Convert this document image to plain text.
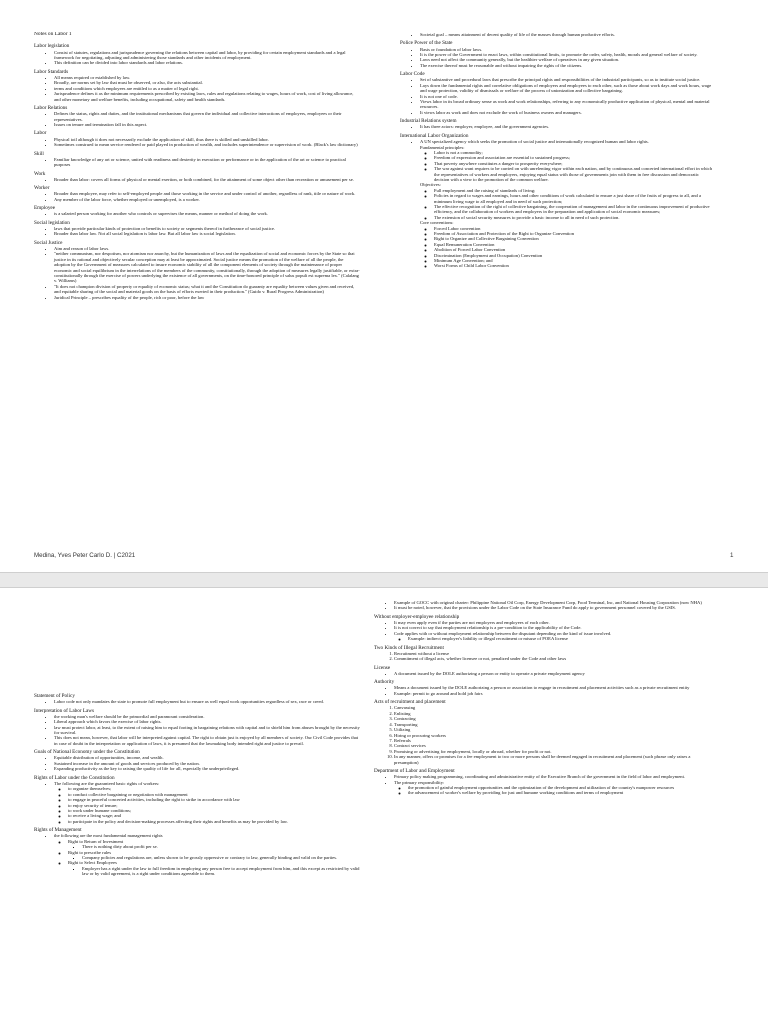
Notes on Labor 1
Labor legislation
• Consist of statutes, regulations and jurisprudence governing the relations between capital and labor, by providing for certain employment standards and a legal framework for negotiating, adjusting and administering those standards and other incidents of employment.
• This definition can be divided into labor standards and labor relations.
Labor Standards
• All means required or established by law.
• Broadly, are norms set by law that must be observed, or also, the acts substantial.
• terms and conditions which employees are entitled to as a matter of legal right.
• Jurisprudence defines it as the minimum requirements prescribed by existing laws, rules and regulations relating to wages, hours of work, cost of living allowance, and other monetary and welfare benefits, including occupational, safety and health standards.
Labor Relations
• Defines the status, rights and duties, and the institutional mechanisms that govern the individual and collective interactions of employers, employees or their representatives.
• Issues on tenure and termination fall in this aspect.
Labor
• Physical toil although it does not necessarily exclude the application of skill, thus there is skilled and unskilled labor.
• Sometimes construed to mean service rendered or paid played in production of wealth, and includes superintendence or supervision of work. (Black's law dictionary)
Skill
• Familiar knowledge of any art or science, united with readiness and dexterity in execution or performance or in the application of the art or science to practical purposes
Work
• Broader than labor: covers all forms of physical or mental exertion, or both combined, for the attainment of some object other than recreation or amusement per se.
Worker
• Broader than employee, may refer to self-employed people and those working in the service and under control of another, regardless of rank, title or nature of work.
• Any member of the labor force, whether employed or unemployed, is a worker.
Employee
• is a salaried person working for another who controls or supervises the means, manner or method of doing the work.
Social legislation
• laws that provide particular kinds of protection or benefits to society or segments thereof in furtherance of social justice.
• Broader than labor law. Not all social legislation is labor law. But all labor law is social legislation.
Social Justice
• Aim and reason of labor laws.
• "neither communism, nor despotism, nor atomism nor anarchy, but the humanization of laws and the equalization of social and economic forces by the State so that justice in its rational and objectively secular conception may at least be approximated. Social justice means the promotion of the welfare of all the people, the adoption by the Government of measures calculated to insure economic stability of all the component elements of society through the maintenance of proper economic and social equilibrium in the interrelations of the members of the community, constitutionally, through the adoption of measures legally justifiable, or extra-constitutionally through the exercise of powers underlying the existence of all governments, on the time-honored principle of salus populi est suprema lex." (Calalang v. Williams)
• "It does not champion division of property or equality of economic status; what it and the Constitution do guaranty are equality between values given and received, and equitable sharing of the social and material goods on the basis of efforts exerted in their production." (Guido v. Rural Progress Administration)
• Juridical Principle – prescribes equality of the people, rich or poor, before the law
• Societal goal – means attainment of decent quality of life of the masses through human productive efforts.
Police Power of the State
• Basis or foundation of labor laws.
• It is the power of the Government to enact laws, within constitutional limits, to promote the order, safety, health, morals and general welfare of society.
• Laws need not affect the community generally, but the healthier welfare of operatives in any given situation.
• The exercise thereof must be reasonable and without impairing the rights of the citizens.
Labor Code
• Set of substantive and procedural laws that prescribe the principal rights and responsibilities of the industrial participants, so as to institute social justice.
• Lays down the fundamental rights and correlative obligations of employers and employees to each other, such as those about work days and work hours, wage and wage protection, validity of dismissals or welfare of the process of unionization and collective bargaining.
• It is not one of code.
• Views labor in its broad ordinary sense as work and work relationships, referring to any economically productive application of physical, mental and material resources.
• It views labor as work and does not exclude the work of business owners and managers.
Industrial Relations system
• It has three actors: employer, employee, and the government agencies.
International Labor Organization
• A UN specialized agency which seeks the promotion of social justice and internationally recognized human and labor rights.
Fundamental principles:
◦ Labor is not a commodity;
◦ Freedom of expression and association are essential to sustained progress;
◦ That poverty anywhere constitutes a danger to prosperity everywhere;
◦ The war against want requires to be carried on with unrelenting vigor within each nation, and by continuous and concerted international effort in which the representatives of workers and employers, enjoying equal status with those of governments join with them in free discussion and democratic decision with a view to the promotion of the common welfare.
Objectives:
◦ Full employment and the raising of standards of living;
◦ Policies in regard to wages and earnings, hours and other conditions of work calculated to ensure a just share of the fruits of progress to all, and a minimum living wage to all employed and in need of such protection;
◦ The effective recognition of the right of collective bargaining, the cooperation of management and labor in the continuous improvement of productive efficiency, and the collaboration of workers and employers in the preparation and application of social economic measures;
◦ The extension of social security measures to provide a basic income to all in need of such protection.
Core conventions:
◦ Forced Labor convention
◦ Freedom of Association and Protection of the Right to Organize Convention
◦ Right to Organize and Collective Bargaining Convention
◦ Equal Remuneration Convention
◦ Abolition of Forced Labor Convention
◦ Discrimination (Employment and Occupation) Convention
◦ Minimum Age Convention; and
◦ Worst Forms of Child Labor Convention
Medina, Yves Peter Carlo D. | C2021	1
Statement of Policy
• Labor code not only mandates the state to promote full employment but to ensure as well equal work opportunities regardless of sex, race or creed.
Interpretation of Labor Laws
• the working man's welfare should be the primordial and paramount consideration.
• Liberal approach which favors the exercise of labor rights.
• law must protect labor, at least, to the extent of raising him to equal footing in bargaining relations with capital and to shield him from abuses brought by the necessity for survival.
• This does not mean, however, that labor will be interpreted against capital. The right to obtain just is enjoyed by all members of society. Our Civil Code provides that in case of doubt in the interpretation or application of laws, it is presumed that the lawmaking body intended right and justice to prevail.
Goals of National Economy under the Constitution
• Equitable distribution of opportunities, income, and wealth.
• Sustained increase in the amount of goods and services produced by the nation.
• Expanding productivity as the key to raising the quality of life for all, especially the underprivileged.
Rights of Labor under the Constitution
• The following are the guaranteed basic rights of workers:
◦ to organize themselves;
◦ to conduct collective bargaining or negotiation with management
◦ to engage in peaceful concerted activities, including the right to strike in accordance with law
◦ to enjoy security of tenure;
◦ to work under humane conditions;
◦ to receive a living wage; and
◦ to participate in the policy and decision-making processes affecting their rights and benefits as may be provided by law.
Rights of Management
• the following are the most fundamental management rights
◦ Right to Return of Investment
▪ There is nothing dirty about profit per se.
◦ Right to prescribe rules
▪ Company policies and regulations are, unless shown to be grossly oppressive or contrary to law, generally binding and valid on the parties.
◦ Right to Select Employees
▪ Employer has a right under the law to full freedom in employing any person free to accept employment from him, and this except as restricted by valid law or by valid agreement, is a right under conditions agreeable to them.
• Example of GOCC with original charter: Philippine National Oil Corp, Energy Development Corp, Food Terminal, Inc, and National Housing Corporation (now NHA)
• It must be noted, however, that the provisions under the Labor Code on the State Insurance Fund do apply to government personnel covered by the GSIS.
Without employer-employee relationship
• It may even apply even if the parties are not employers and employees of each other.
• It is not correct to say that employment relationship is a pre-condition to the applicability of the Code.
• Code applies with or without employment relationship between the disputant depending on the kind of issue involved.
◦ Example: indirect employer's liability or illegal recruitment or misuse of POEA license
Two Kinds of Illegal Recruitment
1. Recruitment without a license
2. Commitment of illegal acts, whether licensee or not, penalized under the Code and other laws
License
• A document issued by the DOLE authorizing a person or entity to operate a private employment agency
Authority
• Means a document issued by the DOLE authorizing a person or association to engage in recruitment and placement activities such as a private recruitment entity
• Example: permit to go around and hold job fairs
Acts of recruitment and placement
1. Canvassing
2. Enlisting
3. Contracting
4. Transporting
5. Utilizing
6. Hiring or procuring workers
7. Referrals
8. Contract services
9. Promising or advertising for employment, locally or abroad, whether for profit or not.
10. In any manner, offers or promises for a fee employment to two or more persons shall be deemed engaged in recruitment and placement (such phrase only raises a presumption)
Department of Labor and Employment
• Primary policy making programming, coordinating and administrative entity of the Executive Branch of the government in the field of labor and employment.
• The primary responsibility:
◦ the promotion of gainful employment opportunities and the optimization of the development and utilization of the country's manpower resources
◦ the advancement of worker's welfare by providing for just and humane working conditions and terms of employment
